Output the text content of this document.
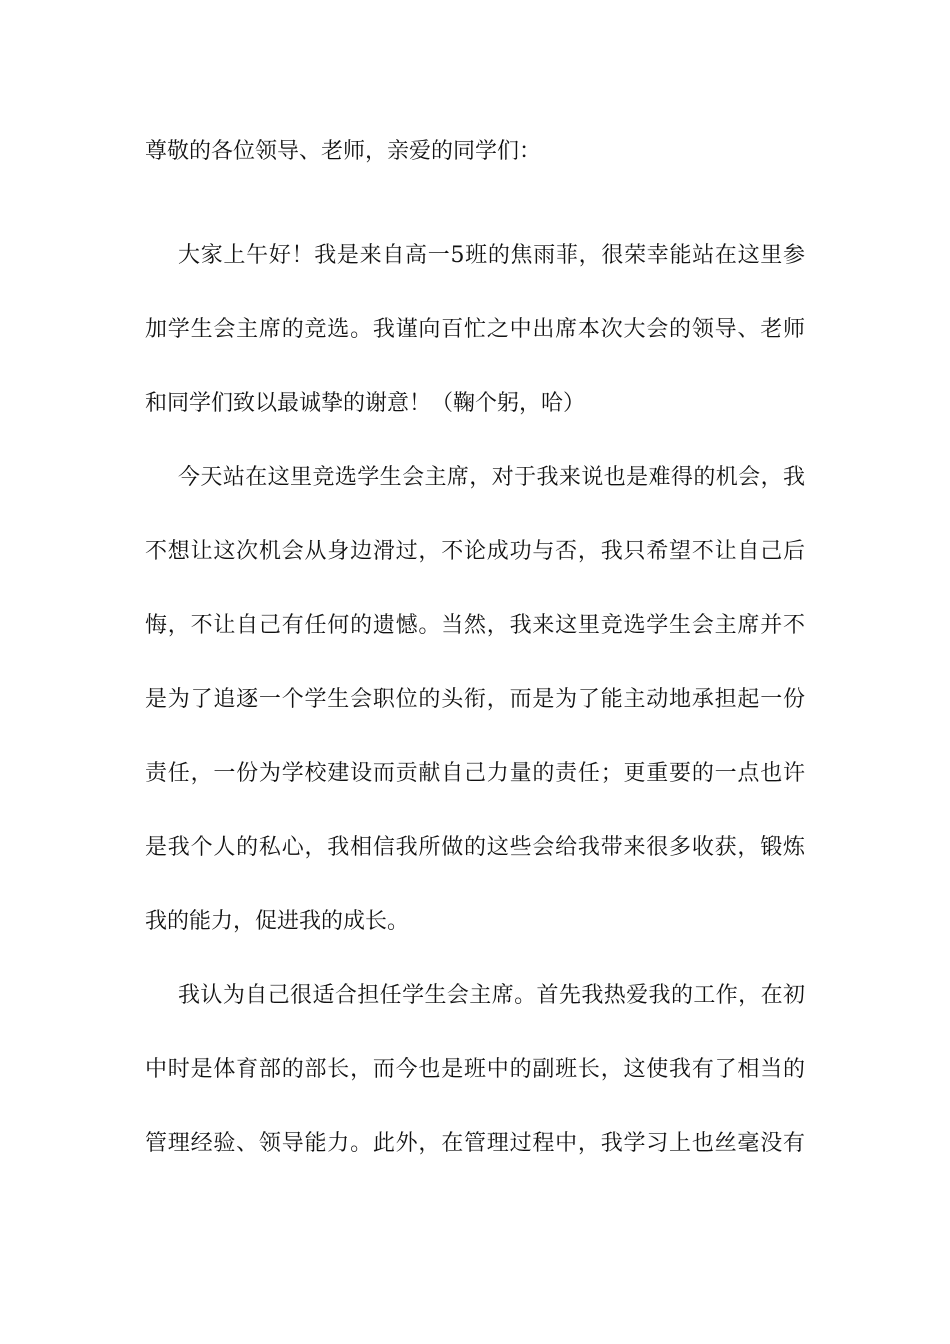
尊敬的各位领导、老师，亲爱的同学们：

大家上午好！我是来自高一5班的焦雨菲，很荣幸能站在这里参

加学生会主席的竞选。我谨向百忙之中出席本次大会的领导、老师

和同学们致以最诚挚的谢意！（鞠个躬，哈）

今天站在这里竞选学生会主席，对于我来说也是难得的机会，我

不想让这次机会从身边滑过，不论成功与否，我只希望不让自己后

悔，不让自己有任何的遗憾。当然，我来这里竞选学生会主席并不

是为了追逐一个学生会职位的头衔，而是为了能主动地承担起一份

责任，一份为学校建设而贡献自己力量的责任；更重要的一点也许

是我个人的私心，我相信我所做的这些会给我带来很多收获，锻炼

我的能力，促进我的成长。

我认为自己很适合担任学生会主席。首先我热爱我的工作，在初

中时是体育部的部长，而今也是班中的副班长，这使我有了相当的

管理经验、领导能力。此外，在管理过程中，我学习上也丝毫没有
